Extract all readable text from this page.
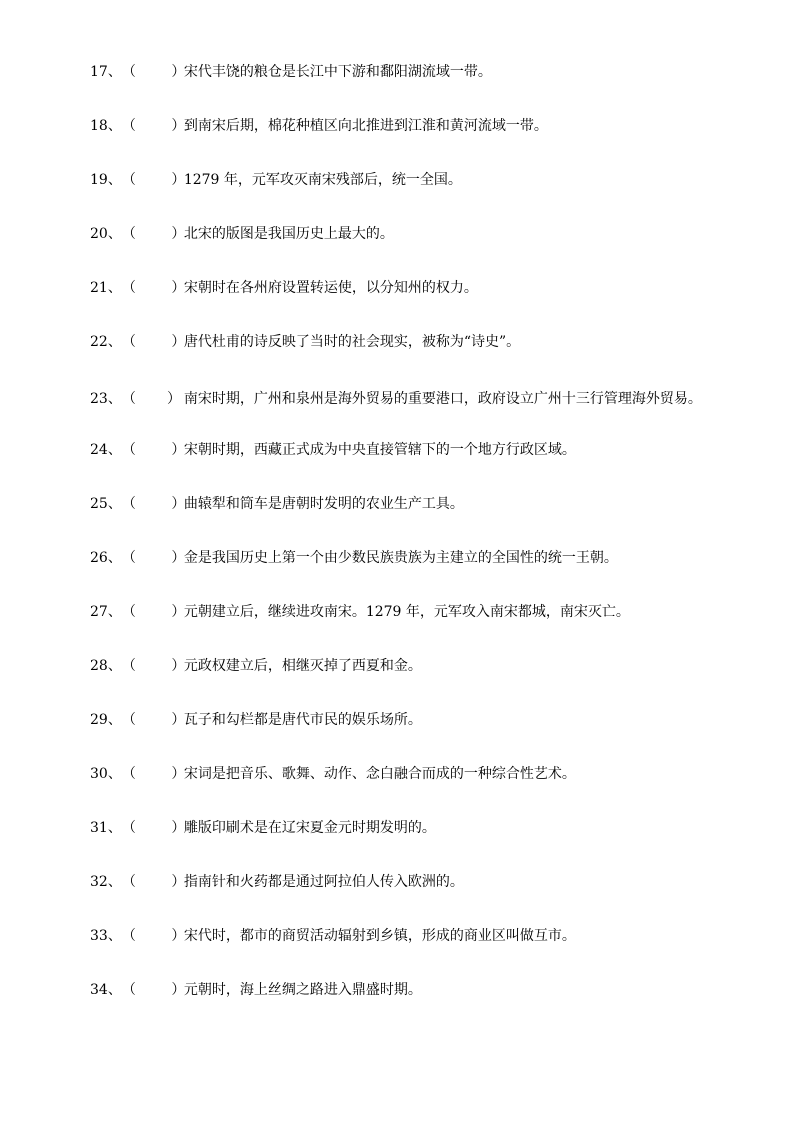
17、（        ）宋代丰饶的粮仓是长江中下游和鄱阳湖流域一带。
18、（        ）到南宋后期，棉花种植区向北推进到江淮和黄河流域一带。
19、（        ）1279 年，元军攻灭南宋残部后，统一全国。
20、（        ）北宋的版图是我国历史上最大的。
21、（        ）宋朝时在各州府设置转运使，以分知州的权力。
22、（        ）唐代杜甫的诗反映了当时的社会现实，被称为“诗史”。
23、（       ） 南宋时期，广州和泉州是海外贸易的重要港口，政府设立广州十三行管理海外贸易。
24、（        ）宋朝时期，西藏正式成为中央直接管辖下的一个地方行政区域。
25、（        ）曲辕犁和筒车是唐朝时发明的农业生产工具。
26、（        ）金是我国历史上第一个由少数民族贵族为主建立的全国性的统一王朝。
27、（        ）元朝建立后，继续进攻南宋。1279 年，元军攻入南宋都城，南宋灭亡。
28、（        ）元政权建立后，相继灭掉了西夏和金。
29、（        ）瓦子和勾栏都是唐代市民的娱乐场所。
30、（        ）宋词是把音乐、歌舞、动作、念白融合而成的一种综合性艺术。
31、（        ）雕版印刷术是在辽宋夏金元时期发明的。
32、（        ）指南针和火药都是通过阿拉伯人传入欧洲的。
33、（        ）宋代时，都市的商贸活动辐射到乡镇，形成的商业区叫做互市。
34、（        ）元朝时，海上丝绸之路进入鼎盛时期。
